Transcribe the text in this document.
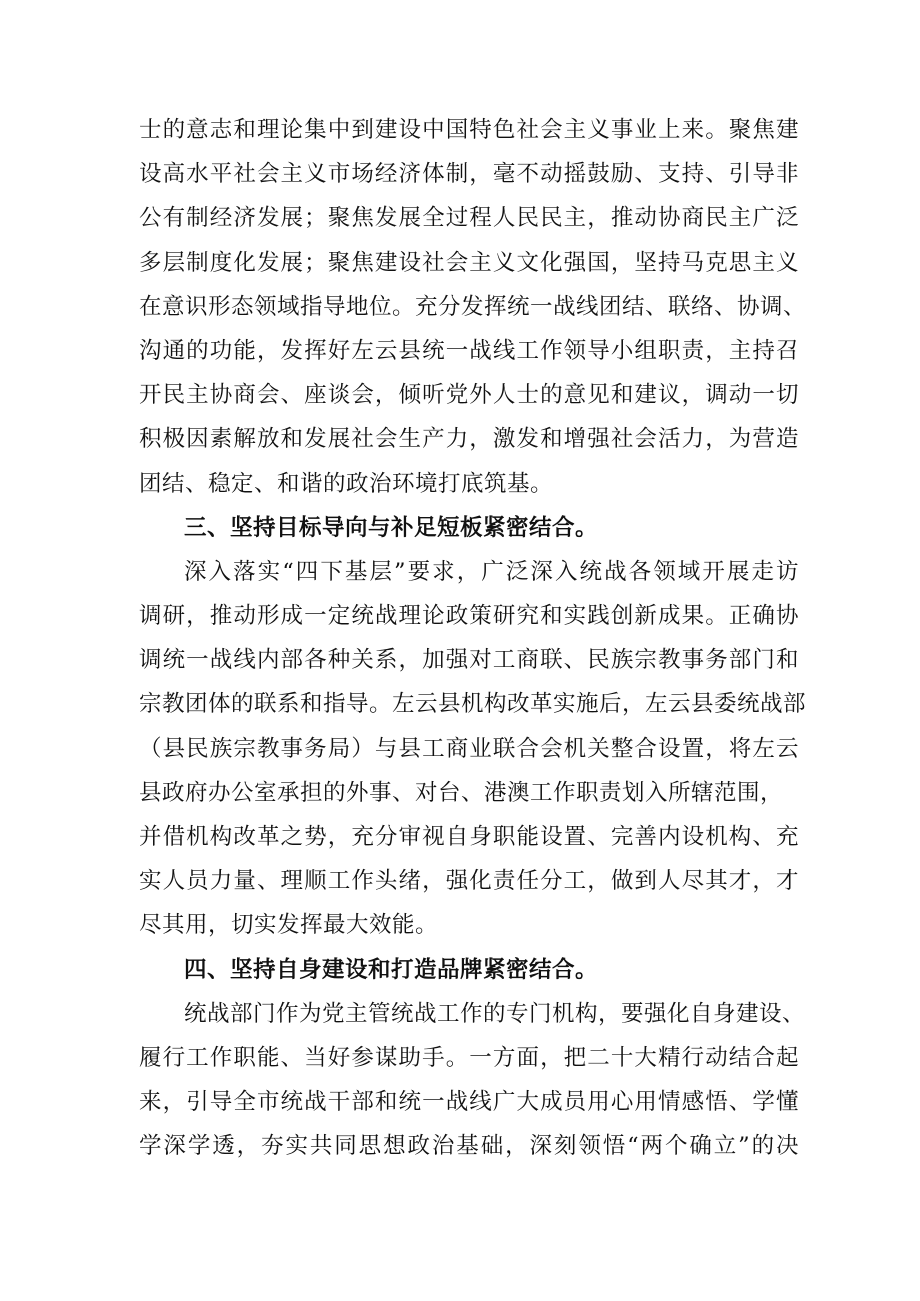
士的意志和理论集中到建设中国特色社会主义事业上来。聚焦建
设高水平社会主义市场经济体制，毫不动摇鼓励、支持、引导非
公有制经济发展；聚焦发展全过程人民民主，推动协商民主广泛
多层制度化发展；聚焦建设社会主义文化强国，坚持马克思主义
在意识形态领域指导地位。充分发挥统一战线团结、联络、协调、
沟通的功能，发挥好左云县统一战线工作领导小组职责，主持召
开民主协商会、座谈会，倾听党外人士的意见和建议，调动一切
积极因素解放和发展社会生产力，激发和增强社会活力，为营造
团结、稳定、和谐的政治环境打底筑基。
三、坚持目标导向与补足短板紧密结合。
深入落实“四下基层”要求，广泛深入统战各领域开展走访
调研，推动形成一定统战理论政策研究和实践创新成果。正确协
调统一战线内部各种关系，加强对工商联、民族宗教事务部门和
宗教团体的联系和指导。左云县机构改革实施后，左云县委统战部
（县民族宗教事务局）与县工商业联合会机关整合设置，将左云
县政府办公室承担的外事、对台、港澳工作职责划入所辖范围，
并借机构改革之势，充分审视自身职能设置、完善内设机构、充
实人员力量、理顺工作头绪，强化责任分工，做到人尽其才，才
尽其用，切实发挥最大效能。
四、坚持自身建设和打造品牌紧密结合。
统战部门作为党主管统战工作的专门机构，要强化自身建设、
履行工作职能、当好参谋助手。一方面，把二十大精行动结合起
来，引导全市统战干部和统一战线广大成员用心用情感悟、学懂
学深学透，夯实共同思想政治基础，深刻领悟“两个确立”的决
